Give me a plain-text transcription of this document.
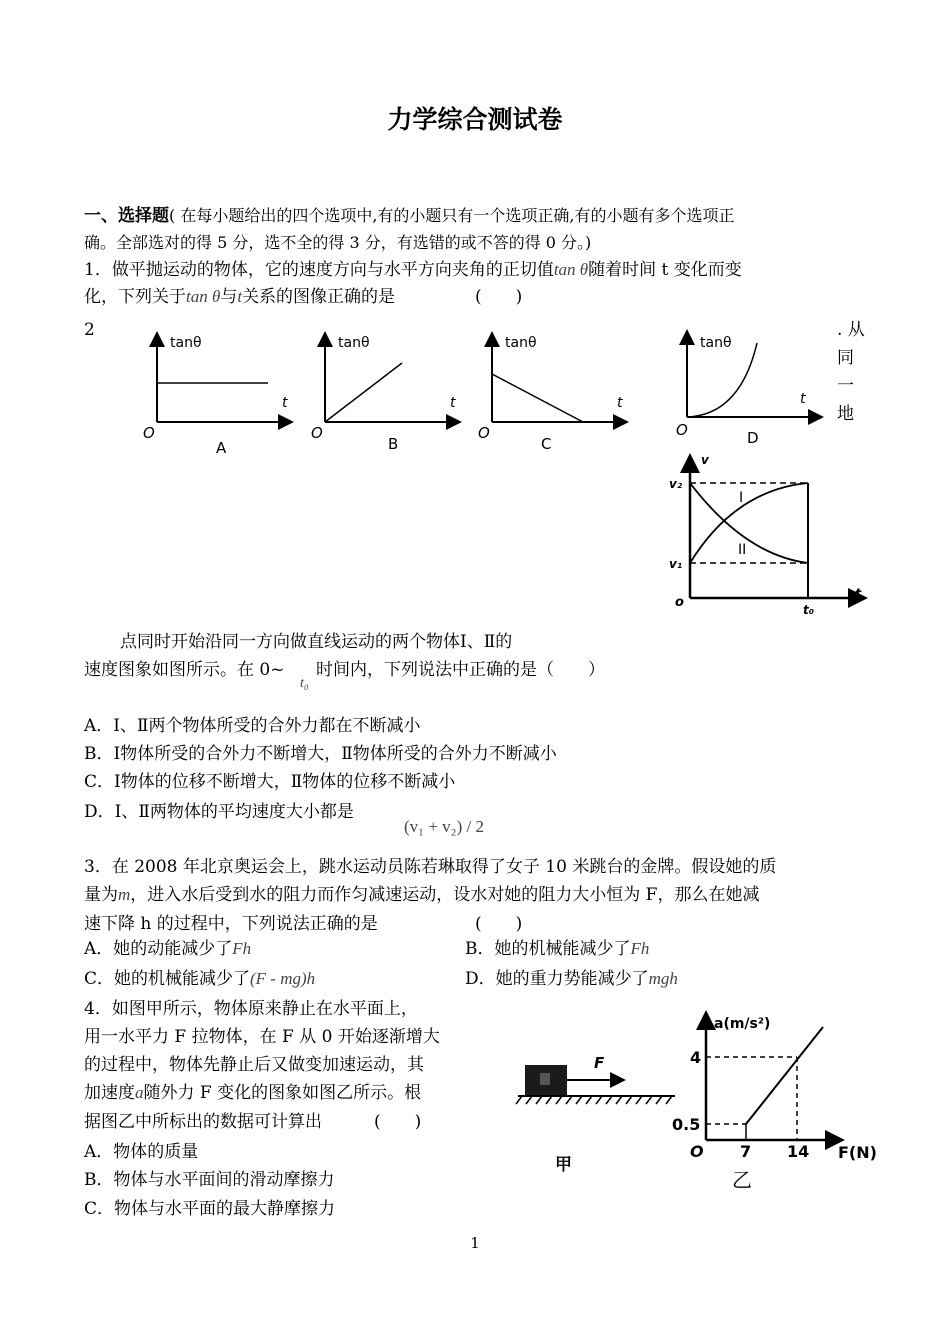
力学综合测试卷
一、选择题( 在每小题给出的四个选项中,有的小题只有一个选项正确,有的小题有多个选项正
确。全部选对的得 5 分，选不全的得 3 分，有选错的或不答的得 0 分。)
1．做平抛运动的物体，它的速度方向与水平方向夹角的正切值tan θ随着时间 t 变化而变
化，下列关于tan θ与t关系的图像正确的是	(　　)
2	. 从
同
一
地
tanθ
t
O
A
tanθ
t
O
B
tanθ
t
O
C
tanθ
t
O	D
v
v₂
v₁
o
t
t₀
I
II
点同时开始沿同一方向做直线运动的两个物体Ⅰ、Ⅱ的
速度图象如图所示。在 0~
t₀
时间内，下列说法中正确的是（　　）
A．Ⅰ、Ⅱ两个物体所受的合外力都在不断减小
B．Ⅰ物体所受的合外力不断增大，Ⅱ物体所受的合外力不断减小
C．Ⅰ物体的位移不断增大，Ⅱ物体的位移不断减小
D．Ⅰ、Ⅱ两物体的平均速度大小都是
(v₁ + v₂) / 2
3．在 2008 年北京奥运会上，跳水运动员陈若琳取得了女子 10 米跳台的金牌。假设她的质
量为m，进入水后受到水的阻力而作匀减速运动，设水对她的阻力大小恒为 F，那么在她减
速下降 h 的过程中，下列说法正确的是	(　　)
A．她的动能减少了Fh	B．她的机械能减少了Fh
C．她的机械能减少了(F - mg)h	D．她的重力势能减少了mgh
4．如图甲所示，物体原来静止在水平面上，
用一水平力 F 拉物体，在 F 从 0 开始逐渐增大
的过程中，物体先静止后又做变加速运动，其
加速度a随外力 F 变化的图象如图乙所示。根
据图乙中所标出的数据可计算出	(　　)
A．物体的质量
B．物体与水平面间的滑动摩擦力
C．物体与水平面的最大静摩擦力
F
甲
a(m/s²)
4
0.5
O 7 14 F(N)
乙
1
